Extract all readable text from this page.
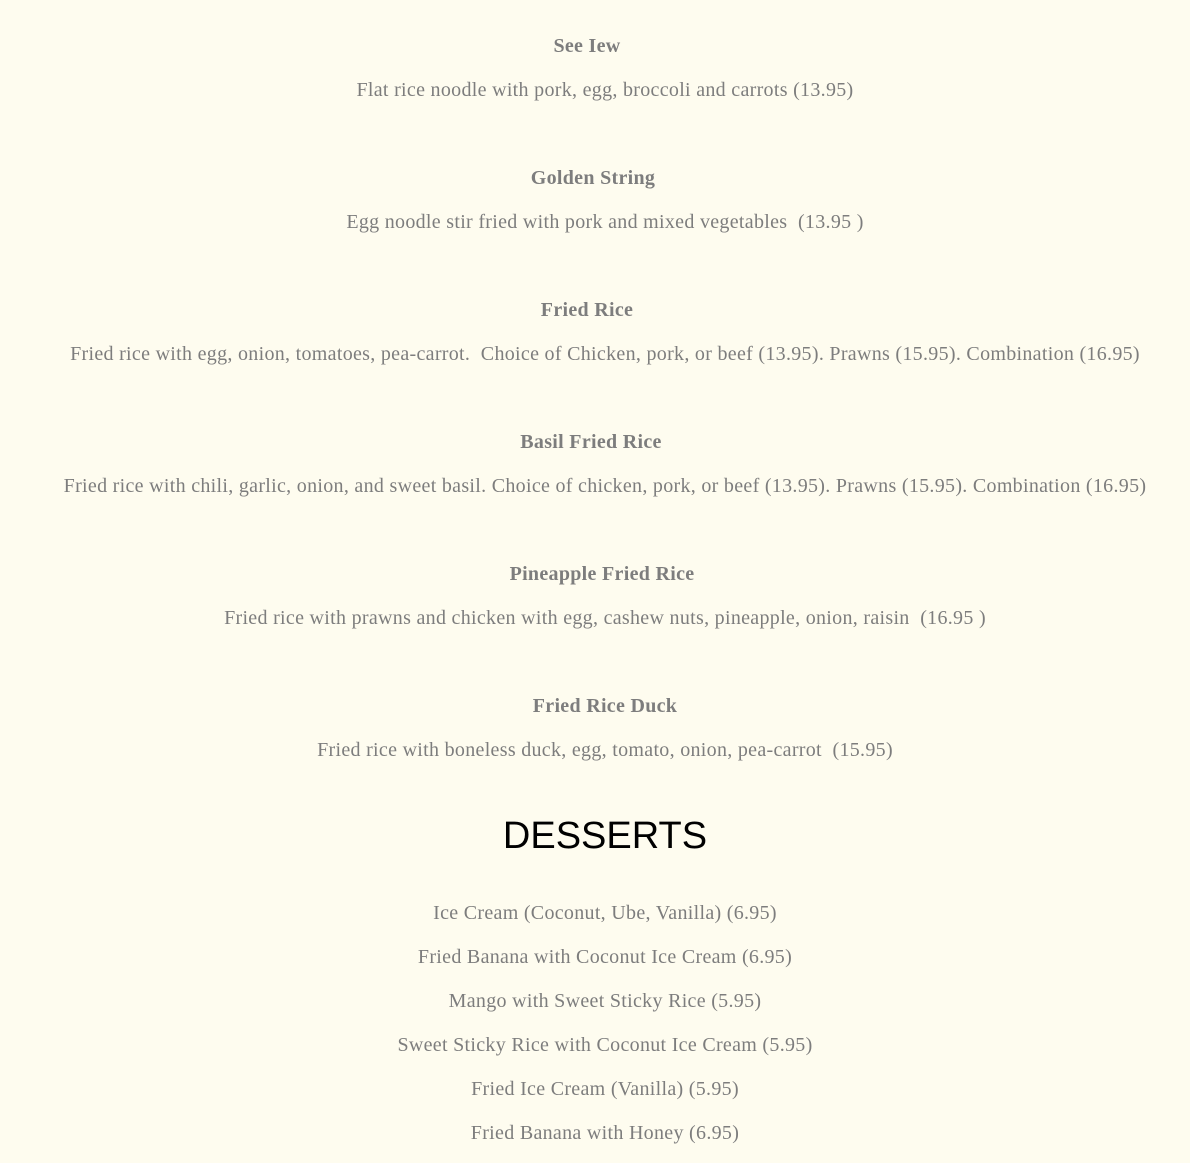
See Iew

Flat rice noodle with pork, egg, broccoli and carrots (13.95)

Golden String

Egg noodle stir fried with pork and mixed vegetables  (13.95 )

Fried Rice

Fried rice with egg, onion, tomatoes, pea-carrot.  Choice of Chicken, pork, or beef (13.95). Prawns (15.95). Combination (16.95)

Basil Fried Rice

Fried rice with chili, garlic, onion, and sweet basil. Choice of chicken, pork, or beef (13.95). Prawns (15.95). Combination (16.95)

Pineapple Fried Rice

Fried rice with prawns and chicken with egg, cashew nuts, pineapple, onion, raisin  (16.95 )

Fried Rice Duck

Fried rice with boneless duck, egg, tomato, onion, pea-carrot  (15.95)

DESSERTS

Ice Cream (Coconut, Ube, Vanilla) (6.95)

Fried Banana with Coconut Ice Cream (6.95)

Mango with Sweet Sticky Rice (5.95)

Sweet Sticky Rice with Coconut Ice Cream (5.95)

Fried Ice Cream (Vanilla) (5.95)

Fried Banana with Honey (6.95)
